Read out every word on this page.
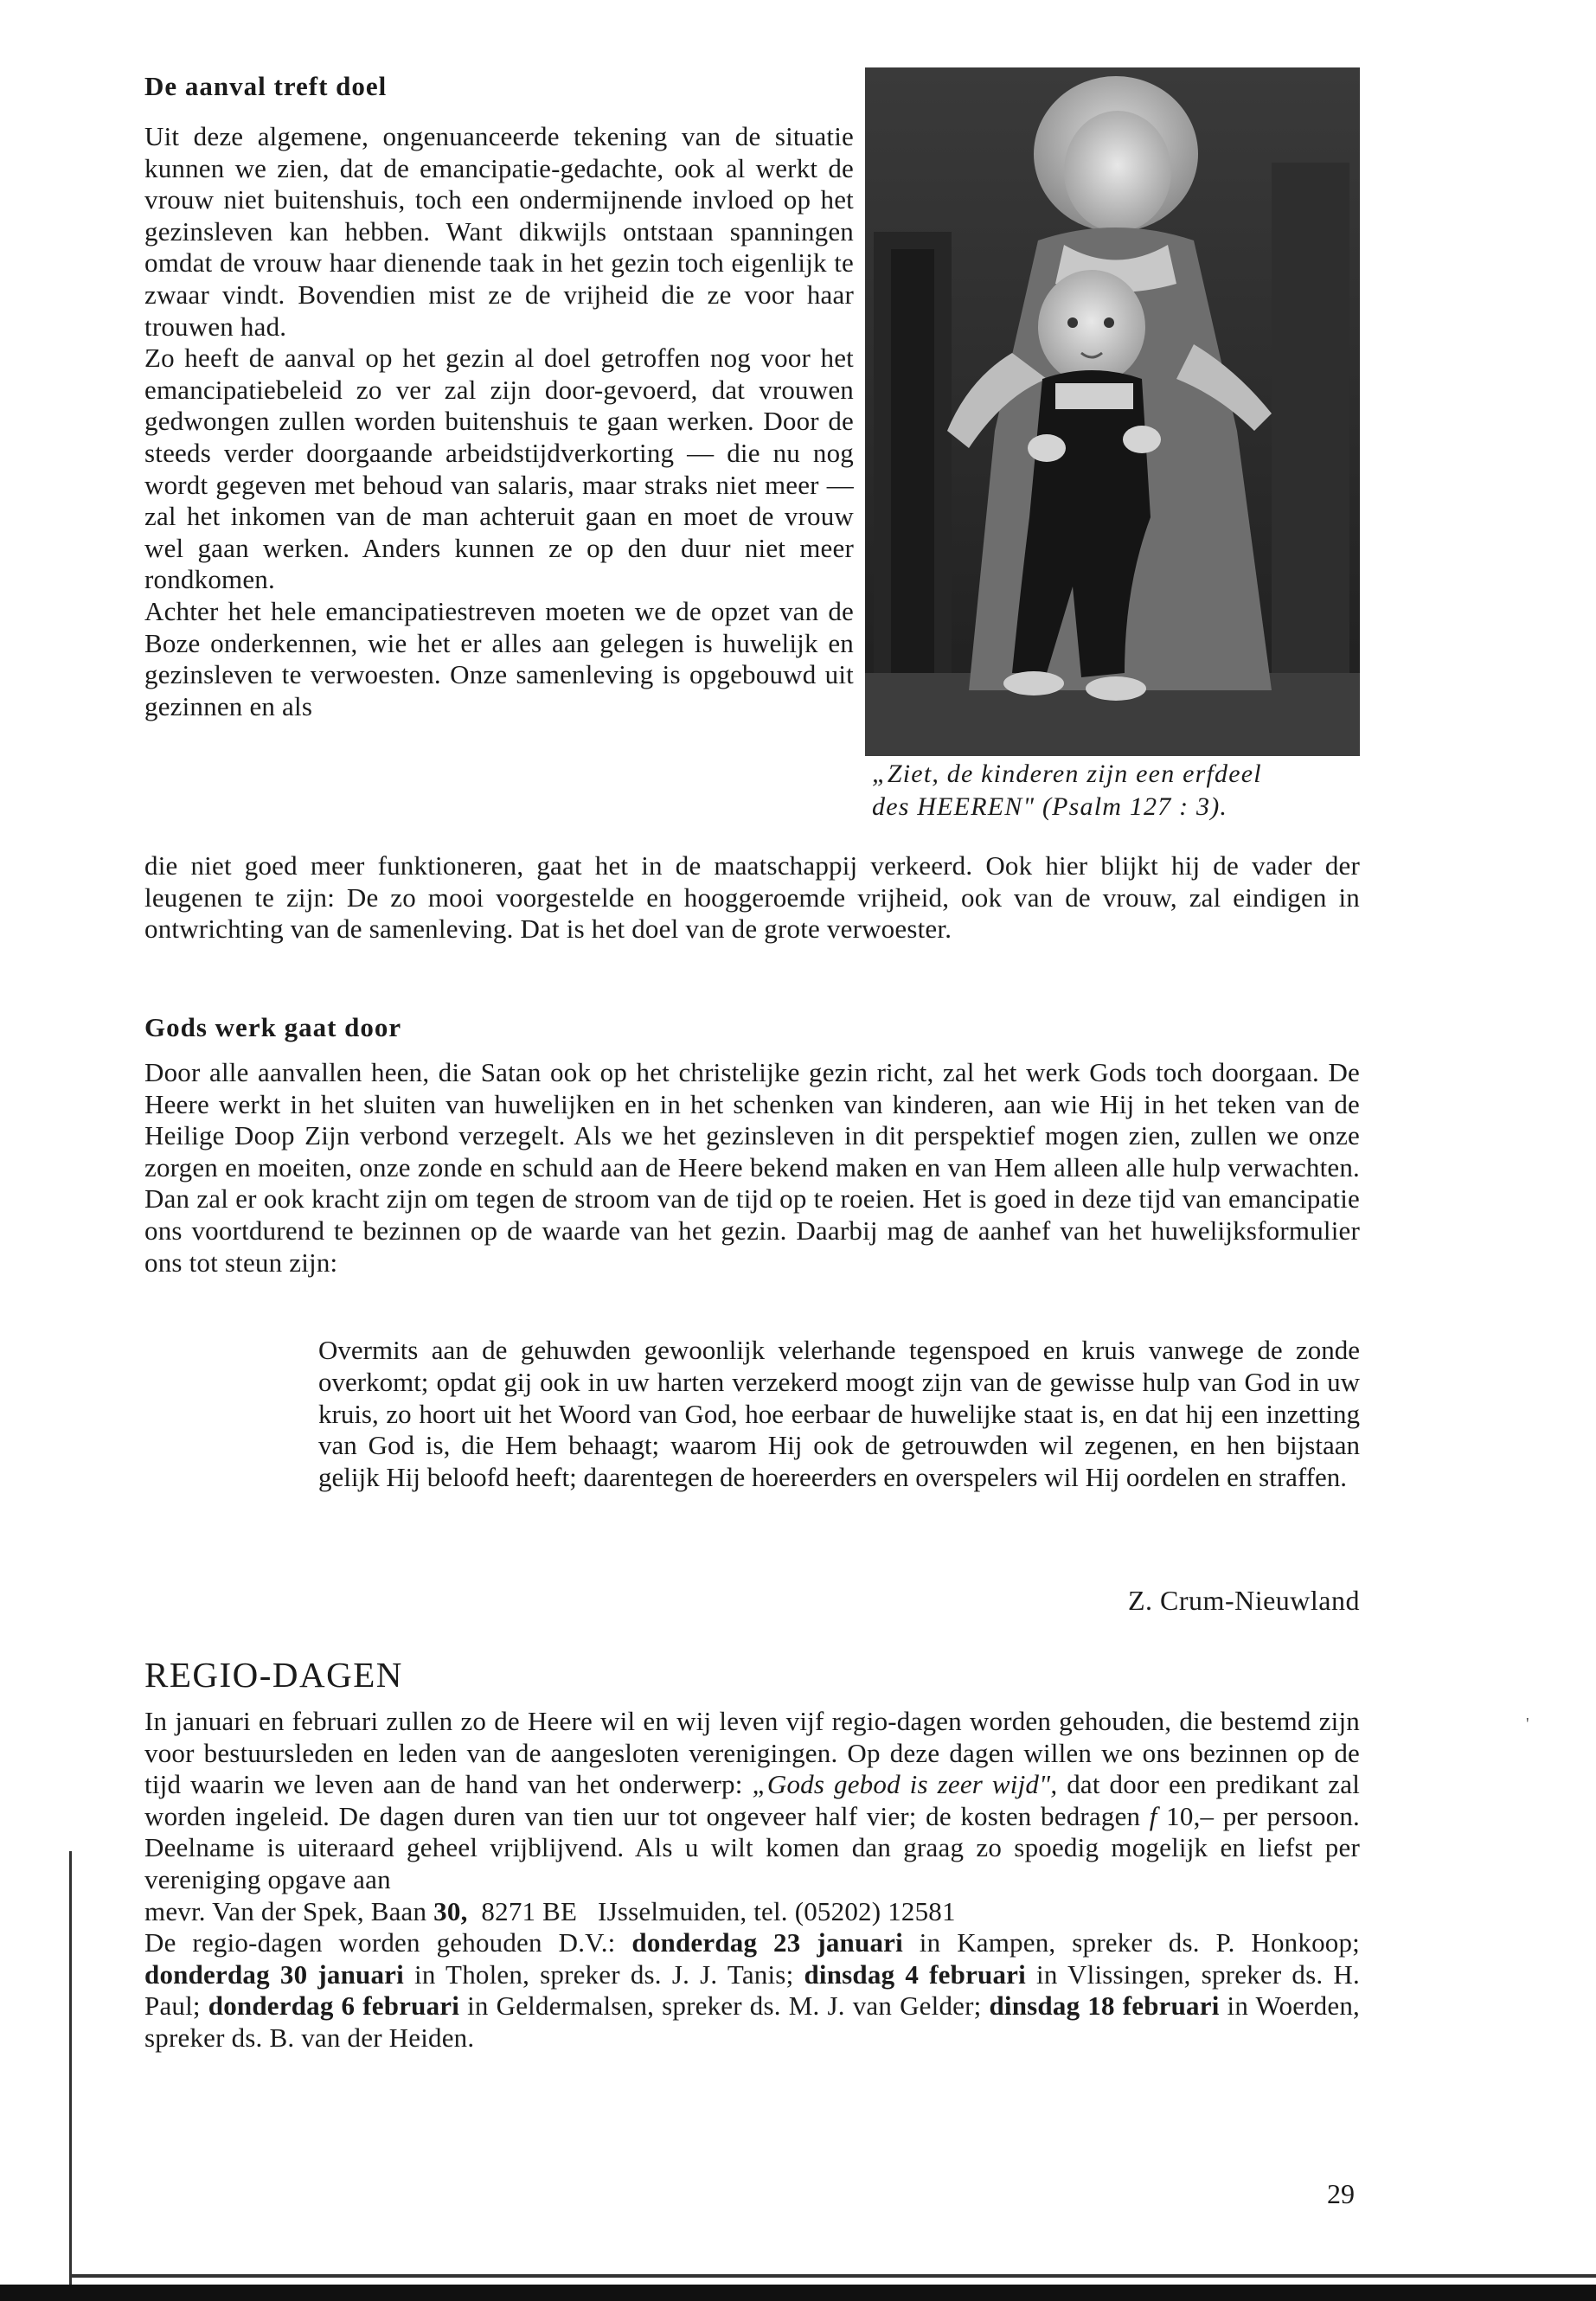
De aanval treft doel

Uit deze algemene, ongenuanceerde tekening van de situatie kunnen we zien, dat de emancipatie-gedachte, ook al werkt de vrouw niet buitenshuis, toch een ondermijnende invloed op het gezinsleven kan hebben. Want dikwijls ontstaan spanningen omdat de vrouw haar dienende taak in het gezin toch eigenlijk te zwaar vindt. Bovendien mist ze de vrijheid die ze voor haar trouwen had.

Zo heeft de aanval op het gezin al doel getroffen nog voor het emancipatiebeleid zo ver zal zijn door-gevoerd, dat vrouwen gedwongen zullen worden buitenshuis te gaan werken. Door de steeds verder doorgaande arbeidstijdverkorting — die nu nog wordt gegeven met behoud van salaris, maar straks niet meer — zal het inkomen van de man achteruit gaan en moet de vrouw wel gaan werken. Anders kunnen ze op den duur niet meer rondkomen.

Achter het hele emancipatiestreven moeten we de opzet van de Boze onderkennen, wie het er alles aan gelegen is huwelijk en gezinsleven te verwoesten. Onze samenleving is opgebouwd uit gezinnen en als

„Ziet, de kinderen zijn een erfdeel
des HEEREN" (Psalm 127 : 3).
die niet goed meer funktioneren, gaat het in de maatschappij verkeerd. Ook hier blijkt hij de vader der leugenen te zijn: De zo mooi voorgestelde en hooggeroemde vrijheid, ook van de vrouw, zal eindigen in ontwrichting van de samenleving. Dat is het doel van de grote verwoester.
Gods werk gaat door
Door alle aanvallen heen, die Satan ook op het christelijke gezin richt, zal het werk Gods toch doorgaan. De Heere werkt in het sluiten van huwelijken en in het schenken van kinderen, aan wie Hij in het teken van de Heilige Doop Zijn verbond verzegelt. Als we het gezinsleven in dit perspektief mogen zien, zullen we onze zorgen en moeiten, onze zonde en schuld aan de Heere bekend maken en van Hem alleen alle hulp verwachten. Dan zal er ook kracht zijn om tegen de stroom van de tijd op te roeien. Het is goed in deze tijd van emancipatie ons voortdurend te bezinnen op de waarde van het gezin. Daarbij mag de aanhef van het huwelijksformulier ons tot steun zijn:
Overmits aan de gehuwden gewoonlijk velerhande tegenspoed en kruis vanwege de zonde overkomt; opdat gij ook in uw harten verzekerd moogt zijn van de gewisse hulp van God in uw kruis, zo hoort uit het Woord van God, hoe eerbaar de huwelijke staat is, en dat hij een inzetting van God is, die Hem behaagt; waarom Hij ook de getrouwden wil zegenen, en hen bijstaan gelijk Hij beloofd heeft; daarentegen de hoereerders en overspelers wil Hij oordelen en straffen.
Z. Crum-Nieuwland
REGIO-DAGEN

In januari en februari zullen zo de Heere wil en wij leven vijf regio-dagen worden gehouden, die bestemd zijn voor bestuursleden en leden van de aangesloten verenigingen. Op deze dagen willen we ons bezinnen op de tijd waarin we leven aan de hand van het onderwerp: „Gods gebod is zeer wijd", dat door een predikant zal worden ingeleid. De dagen duren van tien uur tot ongeveer half vier; de kosten bedragen f 10,– per persoon. Deelname is uiteraard geheel vrijblijvend. Als u wilt komen dan graag zo spoedig mogelijk en liefst per vereniging opgave aan

mevr. Van der Spek, Baan 30,  8271 BE   IJsselmuiden, tel. (05202) 12581

De regio-dagen worden gehouden D.V.: donderdag 23 januari in Kampen, spreker ds. P. Honkoop; donderdag 30 januari in Tholen, spreker ds. J. J. Tanis; dinsdag 4 februari in Vlissingen, spreker ds. H. Paul; donderdag 6 februari in Geldermalsen, spreker ds. M. J. van Gelder; dinsdag 18 februari in Woerden, spreker ds. B. van der Heiden.

29
'
